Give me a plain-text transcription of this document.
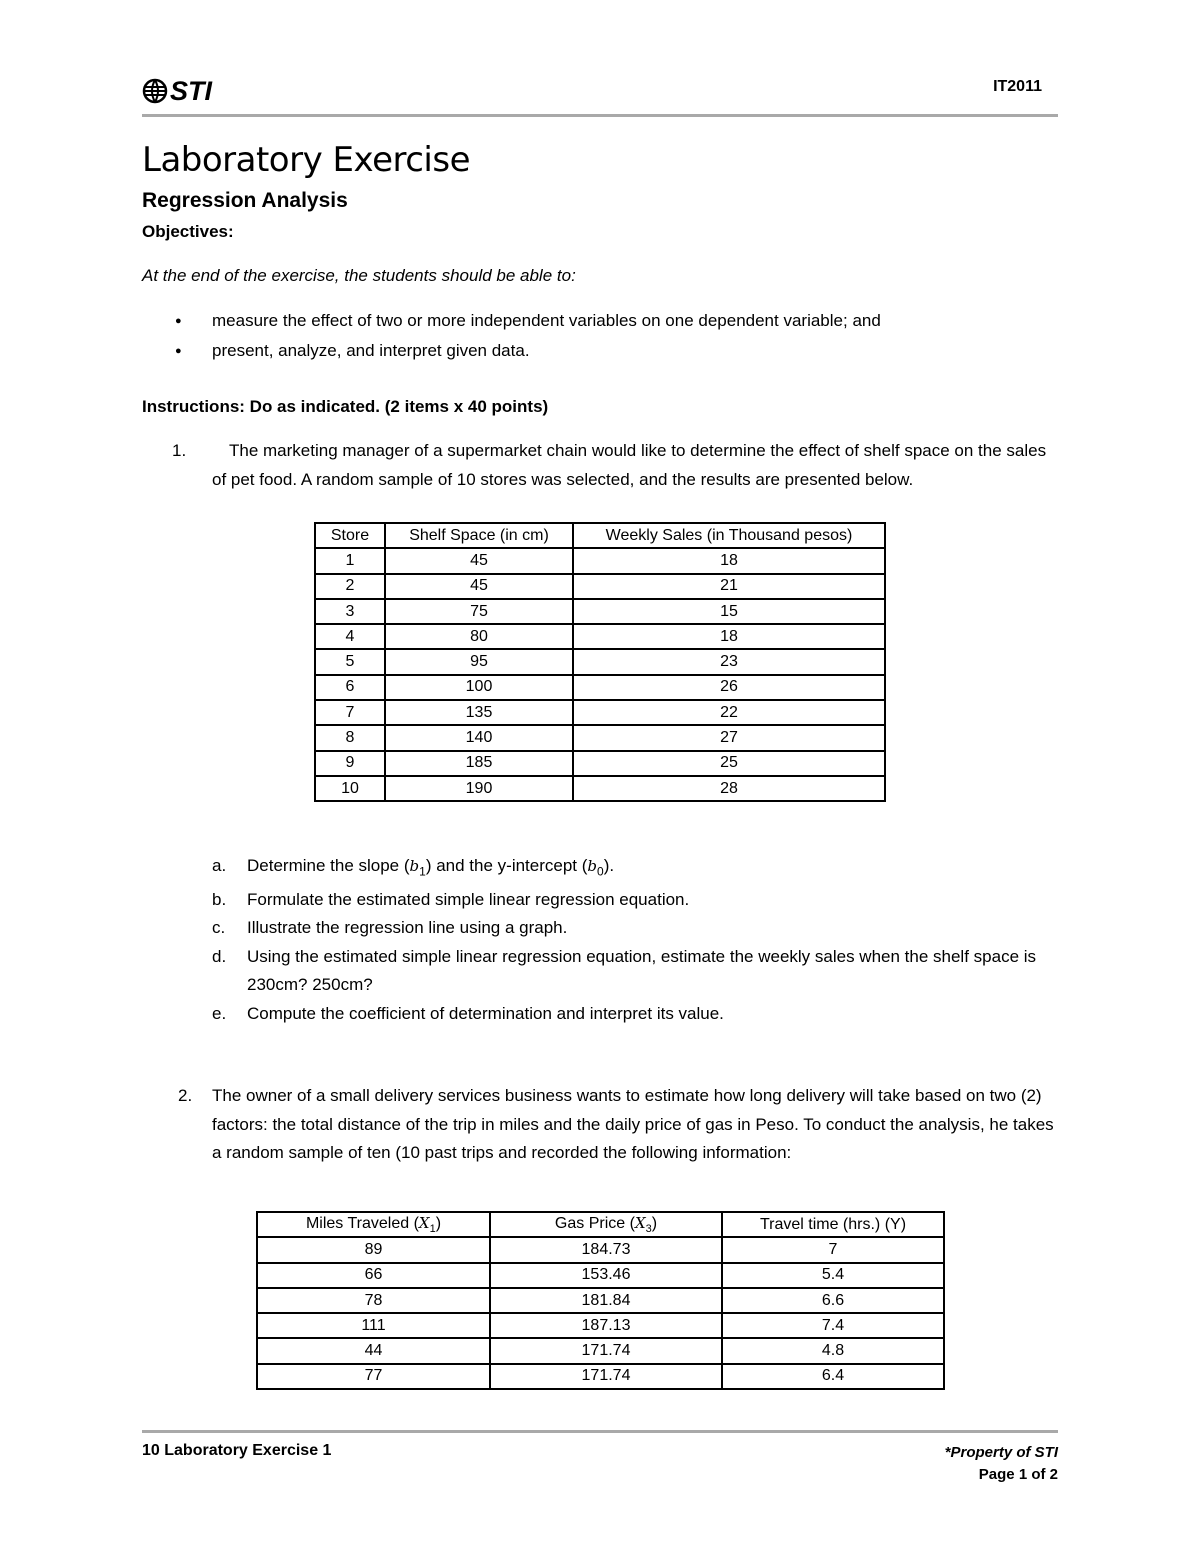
STI	IT2011
Laboratory Exercise
Regression Analysis
Objectives:
At the end of the exercise, the students should be able to:
● measure the effect of two or more independent variables on one dependent variable; and
● present, analyze, and interpret given data.
Instructions: Do as indicated. (2 items x 40 points)
1.	The marketing manager of a supermarket chain would like to determine the effect of shelf space on the sales of pet food. A random sample of 10 stores was selected, and the results are presented below.
Store	Shelf Space (in cm)	Weekly Sales (in Thousand pesos)
1	45	18
2	45	21
3	75	15
4	80	18
5	95	23
6	100	26
7	135	22
8	140	27
9	185	25
10	190	28
a. Determine the slope $(b_1)$ and the y-intercept $(b_0)$.
b. Formulate the estimated simple linear regression equation.
c. Illustrate the regression line using a graph.
d. Using the estimated simple linear regression equation, estimate the weekly sales when the shelf space is 230cm? 250cm?
e. Compute the coefficient of determination and interpret its value.
2. The owner of a small delivery services business wants to estimate how long delivery will take based on two (2) factors: the total distance of the trip in miles and the daily price of gas in Peso. To conduct the analysis, he takes a random sample of ten (10 past trips and recorded the following information:
Miles Traveled $(X_1)$	Gas Price $(X_3)$	Travel time (hrs.) (Y)
89	184.73	7
66	153.46	5.4
78	181.84	6.6
111	187.13	7.4
44	171.74	4.8
77	171.74	6.4
10 Laboratory Exercise 1	*Property of STI
Page 1 of 2
